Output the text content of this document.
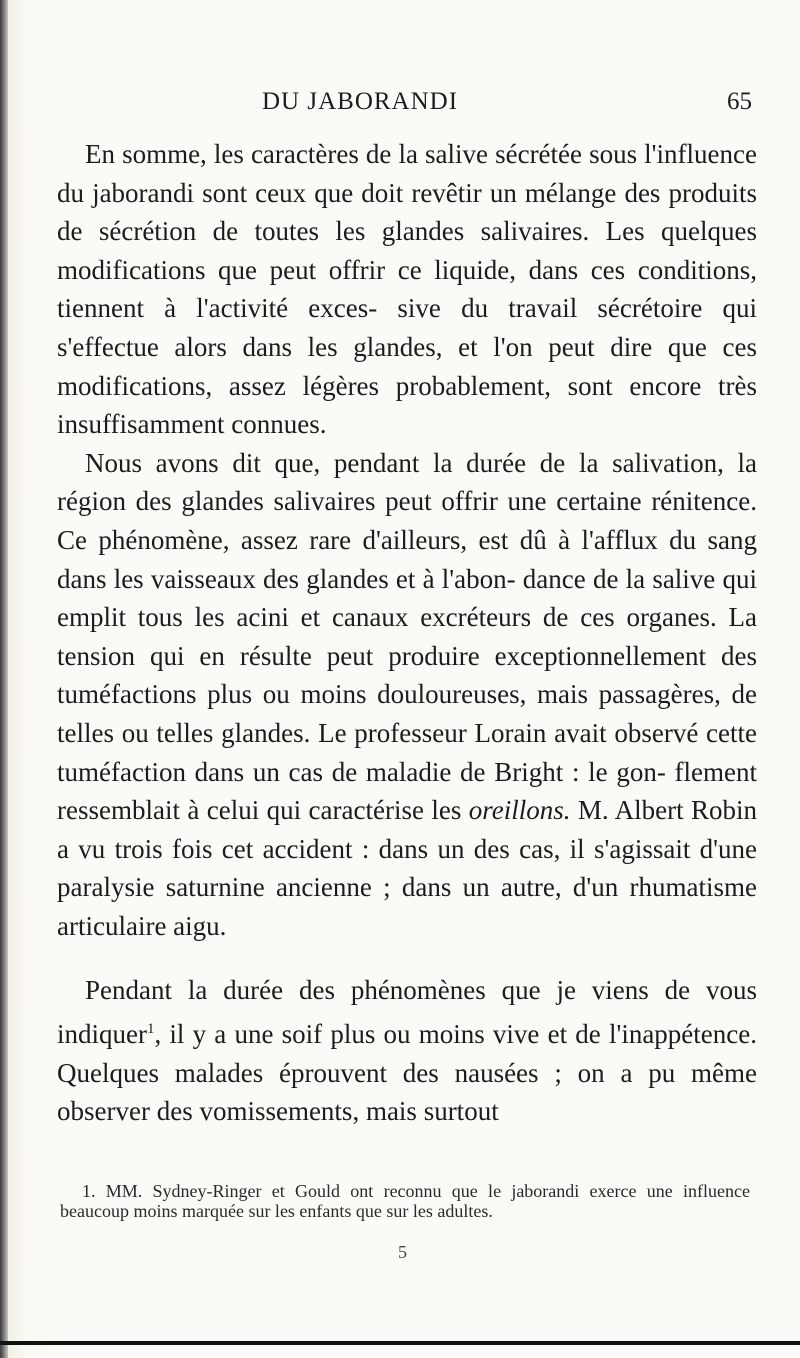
DU JABORANDI	65

En somme, les caractères de la salive sécrétée sous l'influence du jaborandi sont ceux que doit revêtir un mélange des produits de sécrétion de toutes les glandes salivaires. Les quelques modifications que peut offrir ce liquide, dans ces conditions, tiennent à l'activité exces- sive du travail sécrétoire qui s'effectue alors dans les glandes, et l'on peut dire que ces modifications, assez légères probablement, sont encore très insuffisamment connues.

Nous avons dit que, pendant la durée de la salivation, la région des glandes salivaires peut offrir une certaine rénitence. Ce phénomène, assez rare d'ailleurs, est dû à l'afflux du sang dans les vaisseaux des glandes et à l'abon- dance de la salive qui emplit tous les acini et canaux excréteurs de ces organes. La tension qui en résulte peut produire exceptionnellement des tuméfactions plus ou moins douloureuses, mais passagères, de telles ou telles glandes. Le professeur Lorain avait observé cette tuméfaction dans un cas de maladie de Bright : le gon- flement ressemblait à celui qui caractérise les oreillons. M. Albert Robin a vu trois fois cet accident : dans un des cas, il s'agissait d'une paralysie saturnine ancienne ; dans un autre, d'un rhumatisme articulaire aigu.

Pendant la durée des phénomènes que je viens de vous indiquer$^1$, il y a une soif plus ou moins vive et de l'inappétence. Quelques malades éprouvent des nausées ; on a pu même observer des vomissements, mais surtout

1. MM. Sydney-Ringer et Gould ont reconnu que le jaborandi exerce une influence beaucoup moins marquée sur les enfants que sur les adultes.
5
